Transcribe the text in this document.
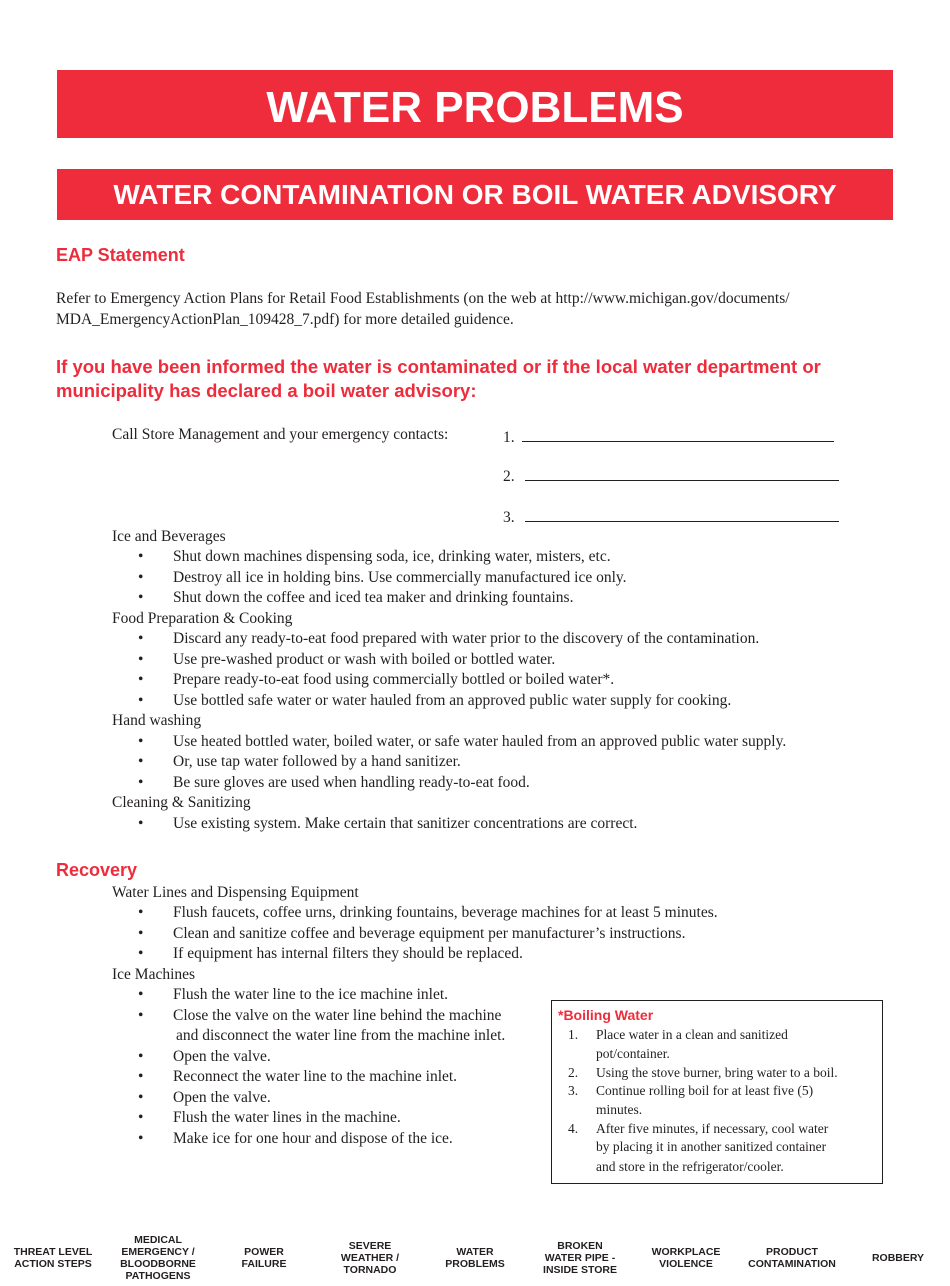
WATER PROBLEMS
WATER CONTAMINATION OR BOIL WATER ADVISORY
EAP Statement
Refer to Emergency Action Plans for Retail Food Establishments (on the web at http://www.michigan.gov/documents/ MDA_EmergencyActionPlan_109428_7.pdf) for more detailed guidence.
If you have been informed the water is contaminated or if the local water department or municipality has declared a boil water advisory:
Call Store Management and your emergency contacts:	1.
2.
3.
Ice and Beverages
• Shut down machines dispensing soda, ice, drinking water, misters, etc.
• Destroy all ice in holding bins. Use commercially manufactured ice only.
• Shut down the coffee and iced tea maker and drinking fountains.
Food Preparation & Cooking
• Discard any ready-to-eat food prepared with water prior to the discovery of the contamination.
• Use pre-washed product or wash with boiled or bottled water.
• Prepare ready-to-eat food using commercially bottled or boiled water*.
• Use bottled safe water or water hauled from an approved public water supply for cooking.
Hand washing
• Use heated bottled water, boiled water, or safe water hauled from an approved public water supply.
• Or, use tap water followed by a hand sanitizer.
• Be sure gloves are used when handling ready-to-eat food.
Cleaning & Sanitizing
• Use existing system. Make certain that sanitizer concentrations are correct.
Recovery
Water Lines and Dispensing Equipment
• Flush faucets, coffee urns, drinking fountains, beverage machines for at least 5 minutes.
• Clean and sanitize coffee and beverage equipment per manufacturer’s instructions.
• If equipment has internal filters they should be replaced.
Ice Machines
• Flush the water line to the ice machine inlet.
• Close the valve on the water line behind the machine
and disconnect the water line from the machine inlet.
• Open the valve.
• Reconnect the water line to the machine inlet.
• Open the valve.
• Flush the water lines in the machine.
• Make ice for one hour and dispose of the ice.
*Boiling Water
1. Place water in a clean and sanitized
pot/container.
2. Using the stove burner, bring water to a boil.
3. Continue rolling boil for at least five (5)
minutes.
4. After five minutes, if necessary, cool water
by placing it in another sanitized container
and store in the refrigerator/cooler.
THREAT LEVEL
ACTION STEPS
MEDICAL
EMERGENCY /
BLOODBORNE
PATHOGENS
POWER
FAILURE
SEVERE
WEATHER /
TORNADO
WATER
PROBLEMS
BROKEN
WATER PIPE -
INSIDE STORE
WORKPLACE
VIOLENCE
PRODUCT
CONTAMINATION	ROBBERY
